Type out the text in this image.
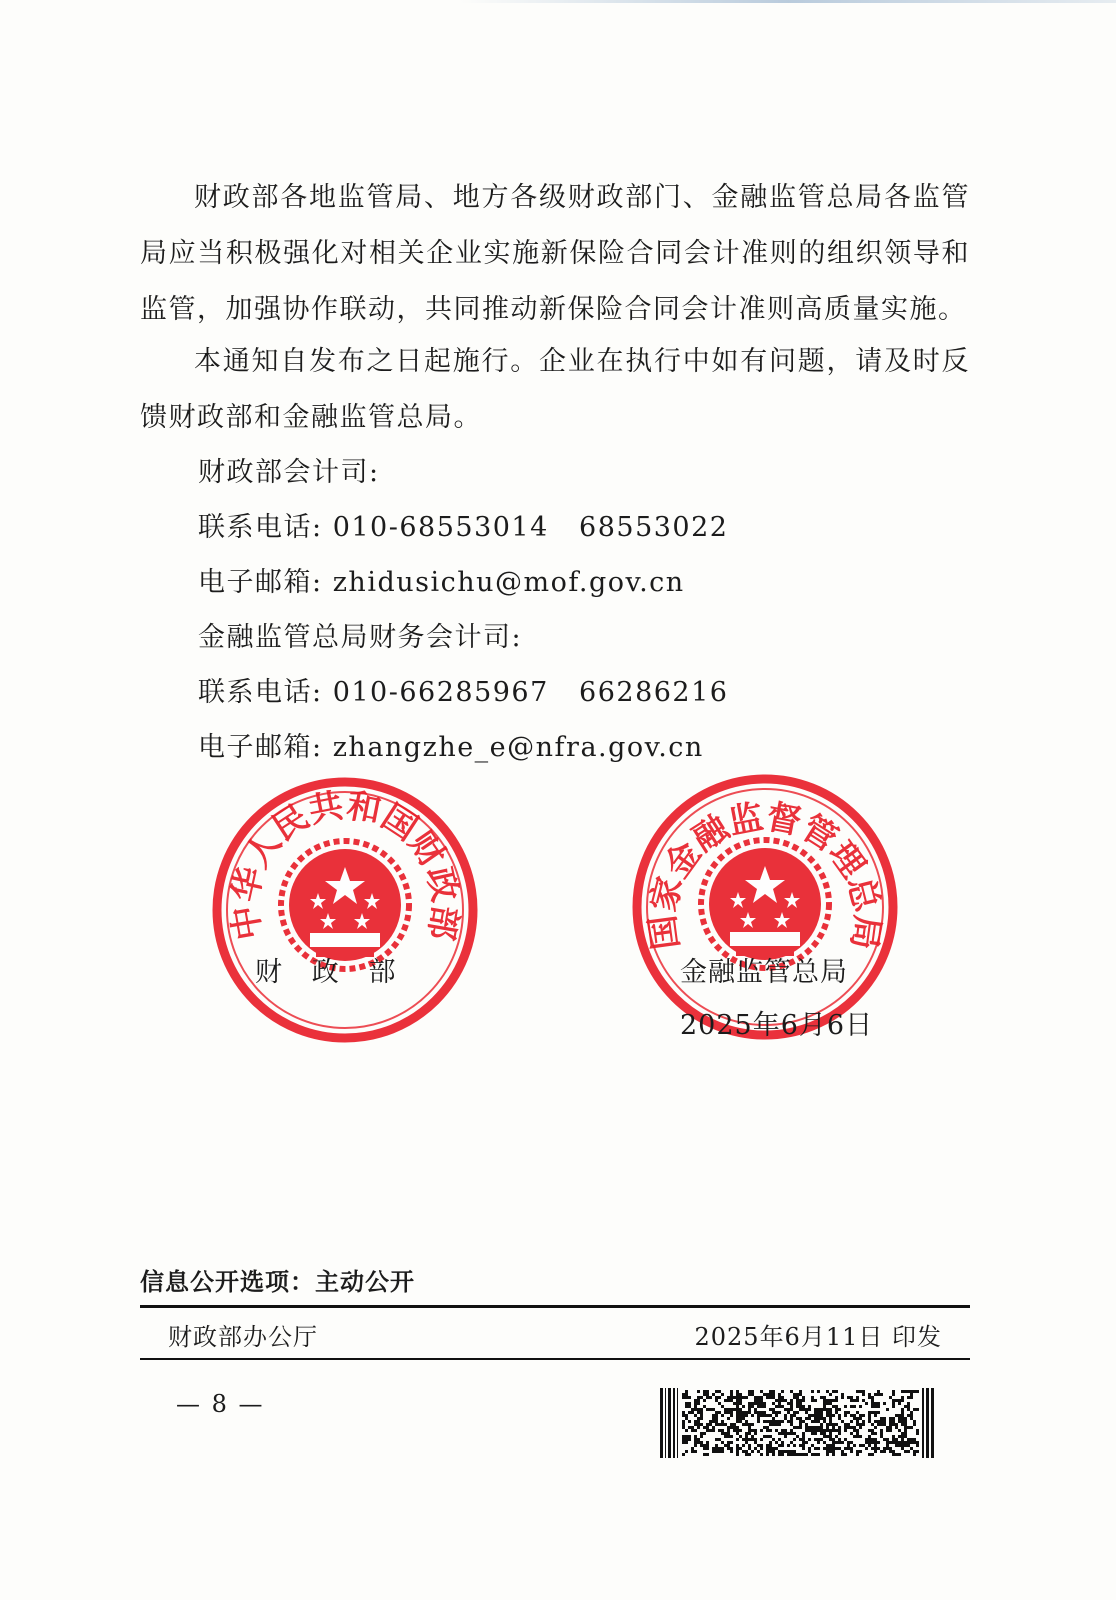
财政部各地监管局、地方各级财政部门、金融监管总局各监管局应当积极强化对相关企业实施新保险合同会计准则的组织领导和监管，加强协作联动，共同推动新保险合同会计准则高质量实施。

本通知自发布之日起施行。企业在执行中如有问题，请及时反馈财政部和金融监管总局。

财政部会计司:
联系电话: 010-68553014   68553022
电子邮箱: zhidusichu@mof.gov.cn
金融监管总局财务会计司:
联系电话: 010-66285967   66286216
电子邮箱: zhangzhe_e@nfra.gov.cn
中华人民共和国财政部
财   政   部
国家金融监督管理总局
金融监管总局
2025年6月6日
信息公开选项：主动公开
财政部办公厅	2025年6月11日 印发
— 8 —
